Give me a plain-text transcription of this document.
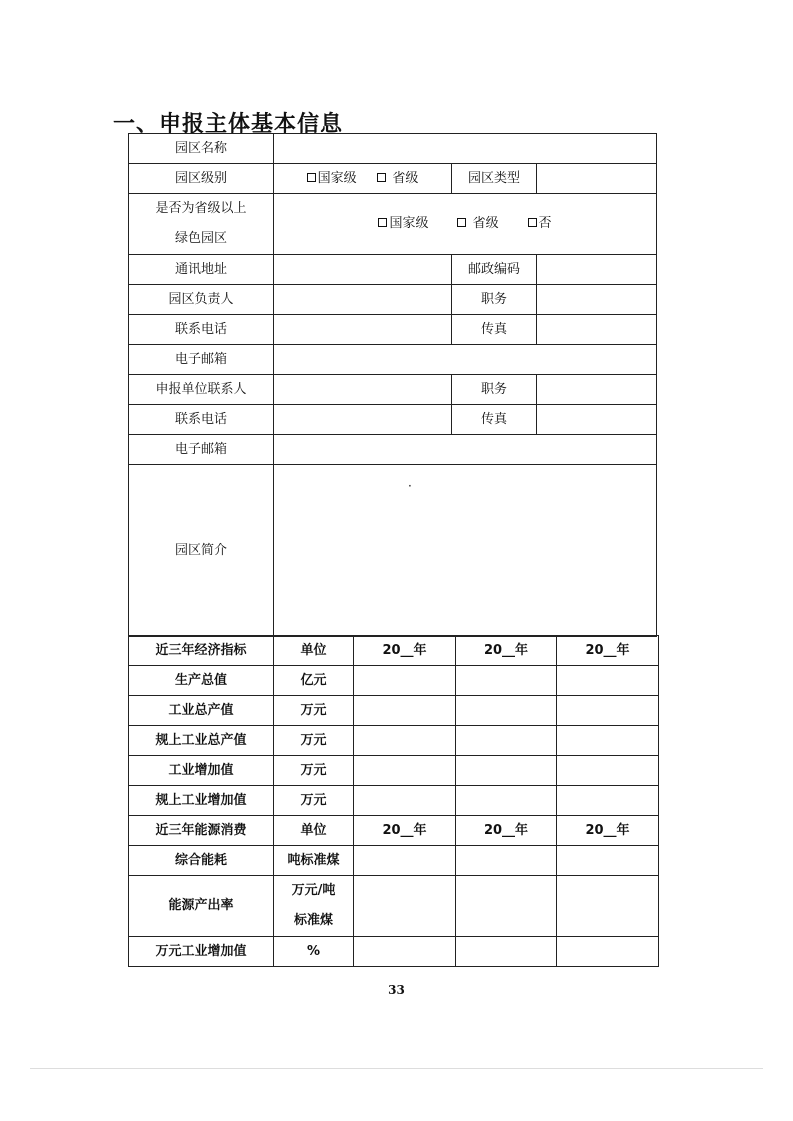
一、申报主体基本信息
园区名称			
园区级别	国家级 省级	园区类型	

是否为省级以上
绿色园区	国家级 省级 否		
通讯地址		邮政编码	
园区负责人		职务	
联系电话		传真	
电子邮箱			
申报单位联系人		职务	
联系电话		传真	
电子邮箱			
园区简介	·		
近三年经济指标	单位	20__年	20__年	20__年
生产总值	亿元			
工业总产值	万元			
规上工业总产值	万元			
工业增加值	万元			
规上工业增加值	万元			
近三年能源消费	单位	20__年	20__年	20__年
综合能耗	吨标准煤			
能源产出率	万元/吨
标准煤			

万元工业增加值	%			
33
